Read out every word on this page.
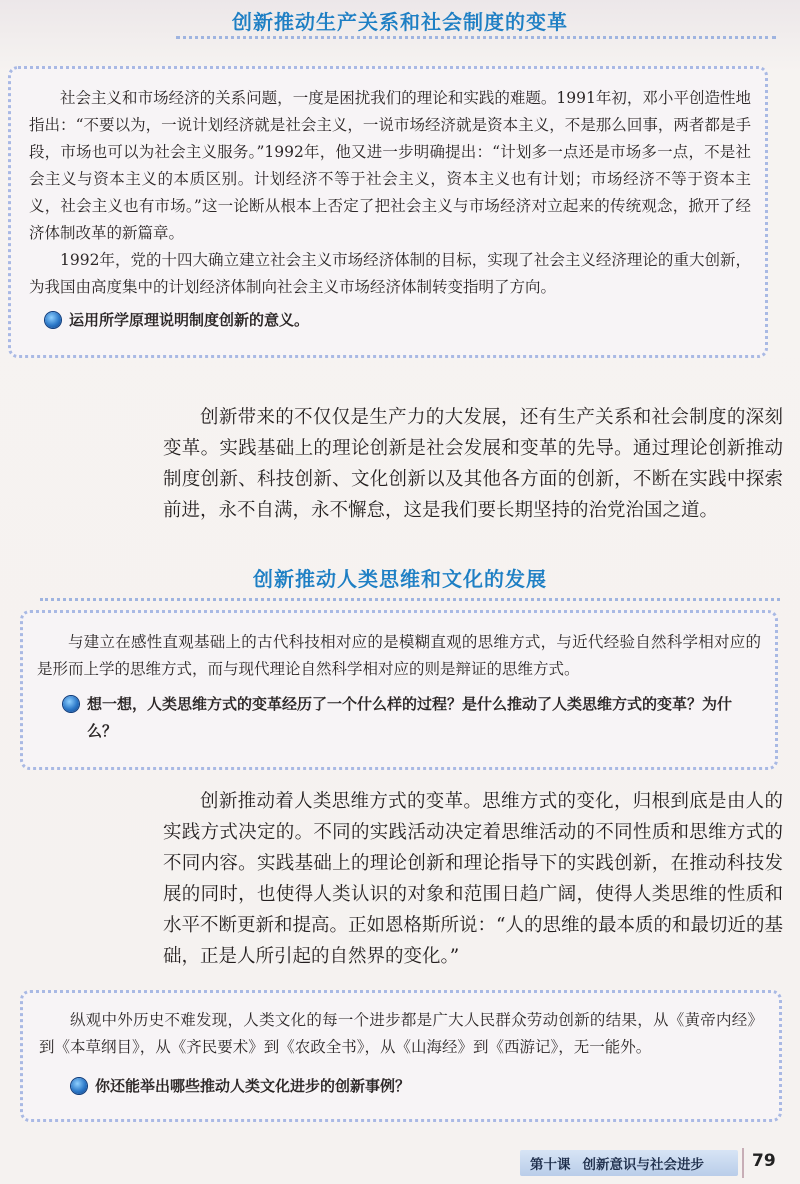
创新推动生产关系和社会制度的变革

社会主义和市场经济的关系问题，一度是困扰我们的理论和实践的难题。1991年初，邓小平创造性地指出：“不要以为，一说计划经济就是社会主义，一说市场经济就是资本主义，不是那么回事，两者都是手段，市场也可以为社会主义服务。”1992年，他又进一步明确提出：“计划多一点还是市场多一点，不是社会主义与资本主义的本质区别。计划经济不等于社会主义，资本主义也有计划；市场经济不等于资本主义，社会主义也有市场。”这一论断从根本上否定了把社会主义与市场经济对立起来的传统观念，掀开了经济体制改革的新篇章。

1992年，党的十四大确立建立社会主义市场经济体制的目标，实现了社会主义经济理论的重大创新，为我国由高度集中的计划经济体制向社会主义市场经济体制转变指明了方向。

运用所学原理说明制度创新的意义。

创新带来的不仅仅是生产力的大发展，还有生产关系和社会制度的深刻变革。实践基础上的理论创新是社会发展和变革的先导。通过理论创新推动制度创新、科技创新、文化创新以及其他各方面的创新，不断在实践中探索前进，永不自满，永不懈怠，这是我们要长期坚持的治党治国之道。

创新推动人类思维和文化的发展

与建立在感性直观基础上的古代科技相对应的是模糊直观的思维方式，与近代经验自然科学相对应的是形而上学的思维方式，而与现代理论自然科学相对应的则是辩证的思维方式。

想一想，人类思维方式的变革经历了一个什么样的过程？是什么推动了人类思维方式的变革？为什么？

创新推动着人类思维方式的变革。思维方式的变化，归根到底是由人的实践方式决定的。不同的实践活动决定着思维活动的不同性质和思维方式的不同内容。实践基础上的理论创新和理论指导下的实践创新，在推动科技发展的同时，也使得人类认识的对象和范围日趋广阔，使得人类思维的性质和水平不断更新和提高。正如恩格斯所说：“人的思维的最本质的和最切近的基础，正是人所引起的自然界的变化。”

纵观中外历史不难发现，人类文化的每一个进步都是广大人民群众劳动创新的结果，从《黄帝内经》到《本草纲目》，从《齐民要术》到《农政全书》，从《山海经》到《西游记》，无一能外。

你还能举出哪些推动人类文化进步的创新事例？
第十课 创新意识与社会进步	79
